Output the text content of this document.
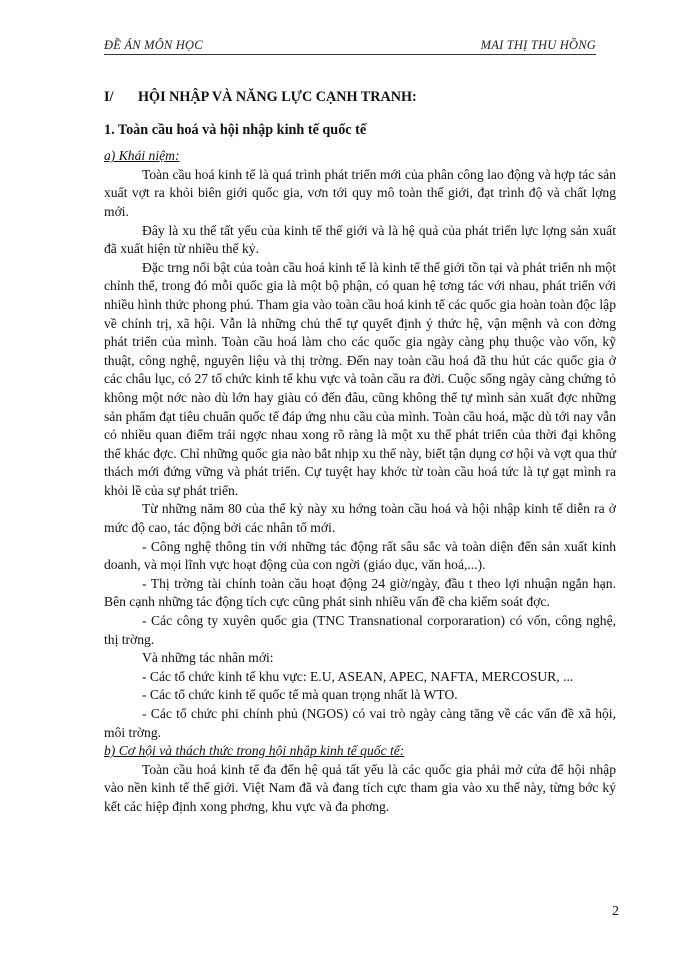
ĐỀ ÁN MÔN HỌC	MAI THỊ THU HỒNG
I/ HỘI NHẬP VÀ NĂNG LỰC CẠNH TRANH:
1. Toàn cầu hoá và hội nhập kinh tế quốc tế
a) Khái niệm:

Toàn cầu hoá kinh tế là quá trình phát triển mới của phân công lao động và hợp tác sản xuất vợt ra khỏi biên giới quốc gia, vơn tới quy mô toàn thế giới, đạt trình độ và chất lợng mới.

Đây là xu thế tất yếu của kinh tế thế giới và là hệ quả của phát triển lực lợng sản xuất đã xuất hiện từ nhiều thế kỷ.

Đặc trng nổi bật của toàn cầu hoá kinh tế là kinh tế thế giới tồn tại và phát triển nh một chỉnh thể, trong đó mỗi quốc gia là một bộ phận, có quan hệ tơng tác với nhau, phát triển với nhiều hình thức phong phú. Tham gia vào toàn cầu hoá kinh tế các quốc gia hoàn toàn độc lập về chính trị, xã hội. Vẫn là những chủ thể tự quyết định ý thức hệ, vận mệnh và con đờng phát triển của mình. Toàn cầu hoá làm cho các quốc gia ngày càng phụ thuộc vào vốn, kỹ thuật, công nghệ, nguyên liệu và thị trờng. Đến nay toàn cầu hoá đã thu hút các quốc gia ở các châu lục, có 27 tổ chức kinh tế khu vực và toàn cầu ra đời. Cuộc sống ngày càng chứng tỏ không một nớc nào dù lớn hay giàu có đến đâu, cũng không thể tự mình sản xuất đợc những sản phẩm đạt tiêu chuẩn quốc tế đáp ứng nhu cầu của mình. Toàn cầu hoá, mặc dù tới nay vẫn có nhiều quan điểm trái ngợc nhau xong rõ ràng là một xu thế phát triển của thời đại không thể khác đợc. Chỉ những quốc gia nào bắt nhịp xu thế này, biết tận dụng cơ hội và vợt qua thử thách mới đứng vững và phát triển. Cự tuyệt hay khớc từ toàn cầu hoá tức là tự gạt mình ra khỏi lề của sự phát triển.

Từ những năm 80 của thế kỷ này xu hớng toàn cầu hoá và hội nhập kinh tế diễn ra ở mức độ cao, tác động bởi các nhân tố mới.

- Công nghệ thông tin với những tác động rất sâu sắc và toàn diện đến sản xuất kinh doanh, và mọi lĩnh vực hoạt động của con ngời (giáo dục, văn hoá,...).

- Thị trờng tài chính toàn cầu hoạt động 24 giờ/ngày, đầu t theo lợi nhuận ngắn hạn. Bên cạnh những tác động tích cực cũng phát sinh nhiều vấn đề cha kiểm soát đợc.

- Các công ty xuyên quốc gia (TNC Transnational corporaration) có vốn, công nghệ, thị trờng.

Và những tác nhân mới:

- Các tổ chức kinh tế khu vực: E.U, ASEAN, APEC, NAFTA, MERCOSUR, ...

- Các tổ chức kinh tế quốc tế mà quan trọng nhất là WTO.

- Các tổ chức phi chính phủ (NGOS) có vai trò ngày càng tăng về các vấn đề xã hội, môi trờng.

b) Cơ hội và thách thức trong hội nhập kinh tế quốc tế:

Toàn cầu hoá kinh tế đa đến hệ quả tất yếu là các quốc gia phải mở cửa để hội nhập vào nền kinh tế thế giới. Việt Nam đã và đang tích cực tham gia vào xu thế này, từng bớc ký kết các hiệp định xong phơng, khu vực và đa phơng.

2
